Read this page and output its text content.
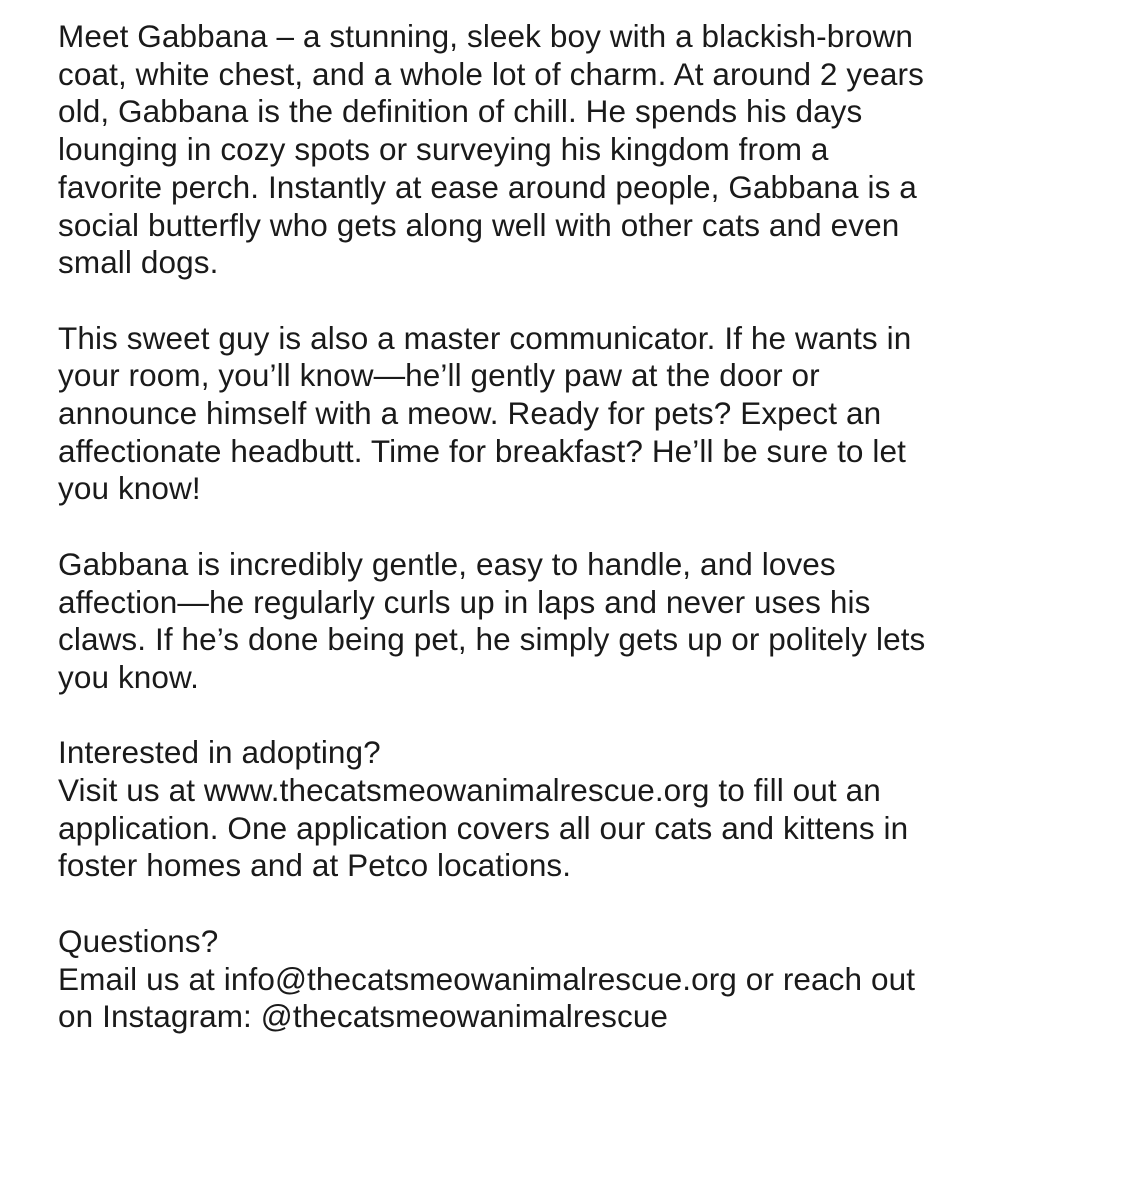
Meet Gabbana – a stunning, sleek boy with a blackish-brown
coat, white chest, and a whole lot of charm. At around 2 years
old, Gabbana is the definition of chill. He spends his days
lounging in cozy spots or surveying his kingdom from a
favorite perch. Instantly at ease around people, Gabbana is a
social butterfly who gets along well with other cats and even
small dogs.

This sweet guy is also a master communicator. If he wants in
your room, you’ll know—he’ll gently paw at the door or
announce himself with a meow. Ready for pets? Expect an
affectionate headbutt. Time for breakfast? He’ll be sure to let
you know!

Gabbana is incredibly gentle, easy to handle, and loves
affection—he regularly curls up in laps and never uses his
claws. If he’s done being pet, he simply gets up or politely lets
you know.

Interested in adopting?
Visit us at www.thecatsmeowanimalrescue.org to fill out an
application. One application covers all our cats and kittens in
foster homes and at Petco locations.

Questions?
Email us at info@thecatsmeowanimalrescue.org or reach out
on Instagram: @thecatsmeowanimalrescue
